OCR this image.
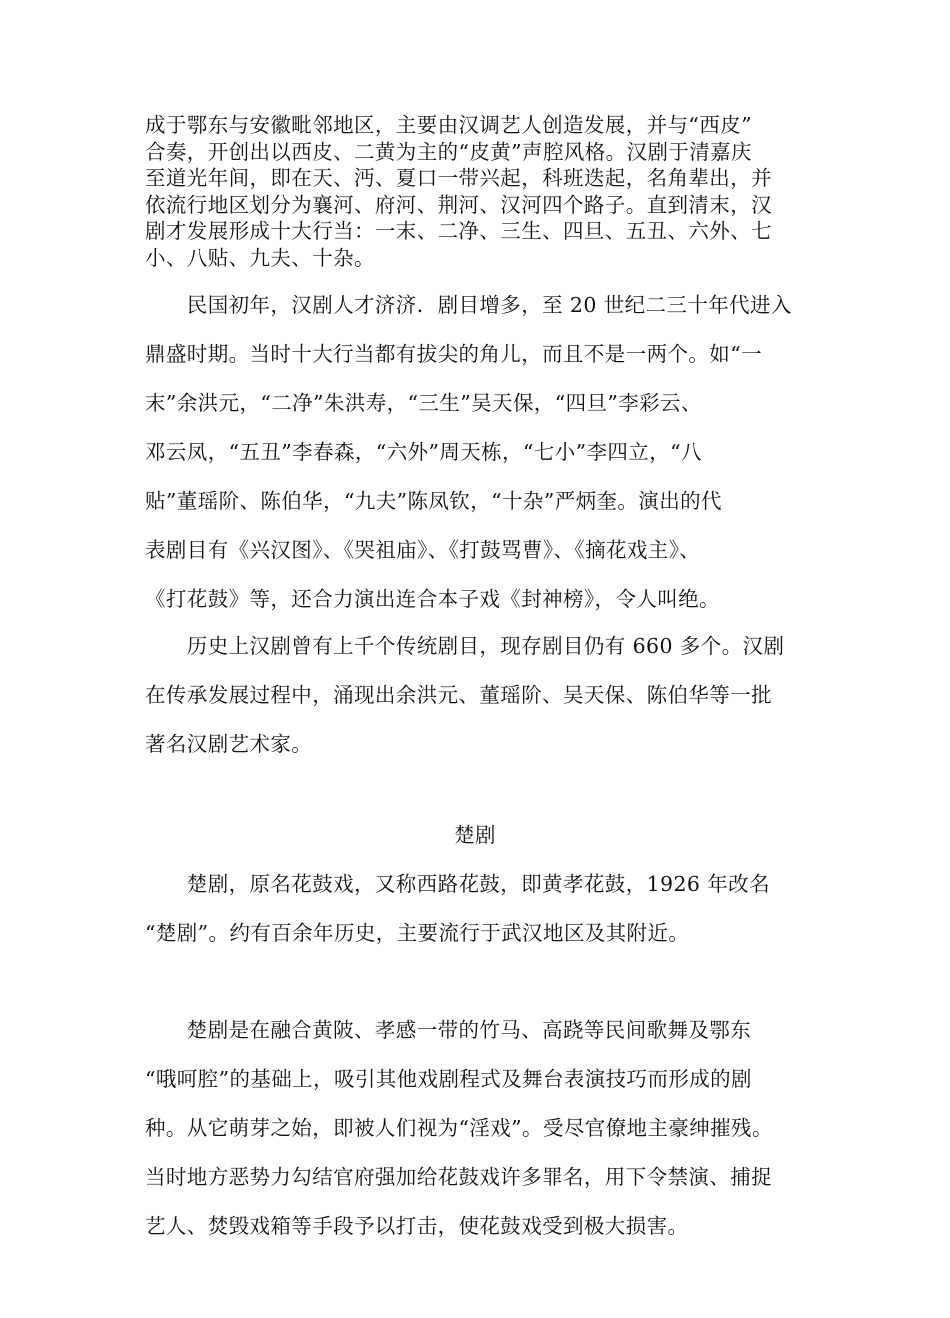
成于鄂东与安徽毗邻地区，主要由汉调艺人创造发展，并与“西皮”
合奏，开创出以西皮、二黄为主的“皮黄”声腔风格。汉剧于清嘉庆
至道光年间，即在天、沔、夏口一带兴起，科班迭起，名角辈出，并
依流行地区划分为襄河、府河、荆河、汉河四个路子。直到清末，汉
剧才发展形成十大行当：一末、二净、三生、四旦、五丑、六外、七
小、八贴、九夫、十杂。
　　民国初年，汉剧人才济济．剧目增多，至 20 世纪二三十年代进入
鼎盛时期。当时十大行当都有拔尖的角儿，而且不是一两个。如“一
末”余洪元，“二净”朱洪寿，“三生”吴天保，“四旦”李彩云、
邓云凤，“五丑”李春森，“六外”周天栋，“七小”李四立，“八
贴”董瑶阶、陈伯华，“九夫”陈凤钦，“十杂”严炳奎。演出的代
表剧目有《兴汉图》、《哭祖庙》、《打鼓骂曹》、《摘花戏主》、
《打花鼓》等，还合力演出连合本子戏《封神榜》，令人叫绝。
　　历史上汉剧曾有上千个传统剧目，现存剧目仍有 660 多个。汉剧
在传承发展过程中，涌现出余洪元、董瑶阶、吴天保、陈伯华等一批
著名汉剧艺术家。
楚剧
　　楚剧，原名花鼓戏，又称西路花鼓，即黄孝花鼓，1926 年改名
“楚剧”。约有百余年历史，主要流行于武汉地区及其附近。
　　楚剧是在融合黄陂、孝感一带的竹马、高跷等民间歌舞及鄂东
“哦呵腔”的基础上，吸引其他戏剧程式及舞台表演技巧而形成的剧
种。从它萌芽之始，即被人们视为“淫戏”。受尽官僚地主豪绅摧残。
当时地方恶势力勾结官府强加给花鼓戏许多罪名，用下令禁演、捕捉
艺人、焚毁戏箱等手段予以打击，使花鼓戏受到极大损害。
